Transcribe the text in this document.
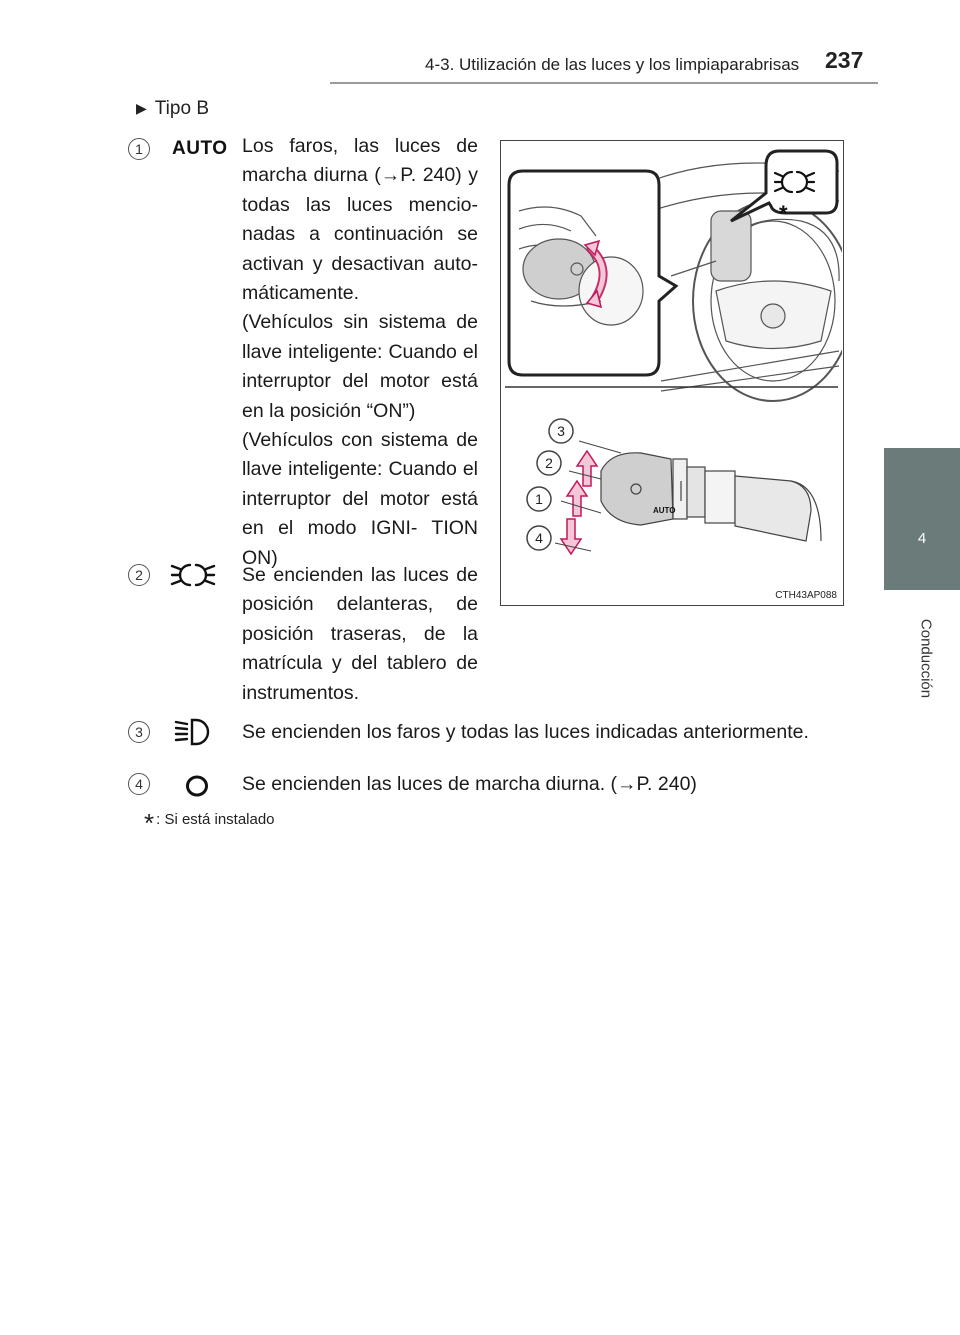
4-3. Utilización de las luces y los limpiaparabrisas 237
4
Conducción
▶ Tipo B
1	AUTO Los faros, las luces de marcha diurna (→P. 240) y todas las luces mencio- nadas a continuación se activan y desactivan auto- máticamente.

(Vehículos sin sistema de llave inteligente: Cuando el interruptor del motor está en la posición “ON”)

(Vehículos con sistema de llave inteligente: Cuando el interruptor del motor está en el modo IGNI- TION ON)

2	Se encienden las luces de posición delanteras, de posición traseras, de la matrícula y del tablero de instrumentos.

3	Se encienden los faros y todas las luces indicadas anteriormente.

4	Se encienden las luces de marcha diurna. (→P. 240)

* : Si está instalado
*
AUTO
3
2
1
4
CTH43AP088
